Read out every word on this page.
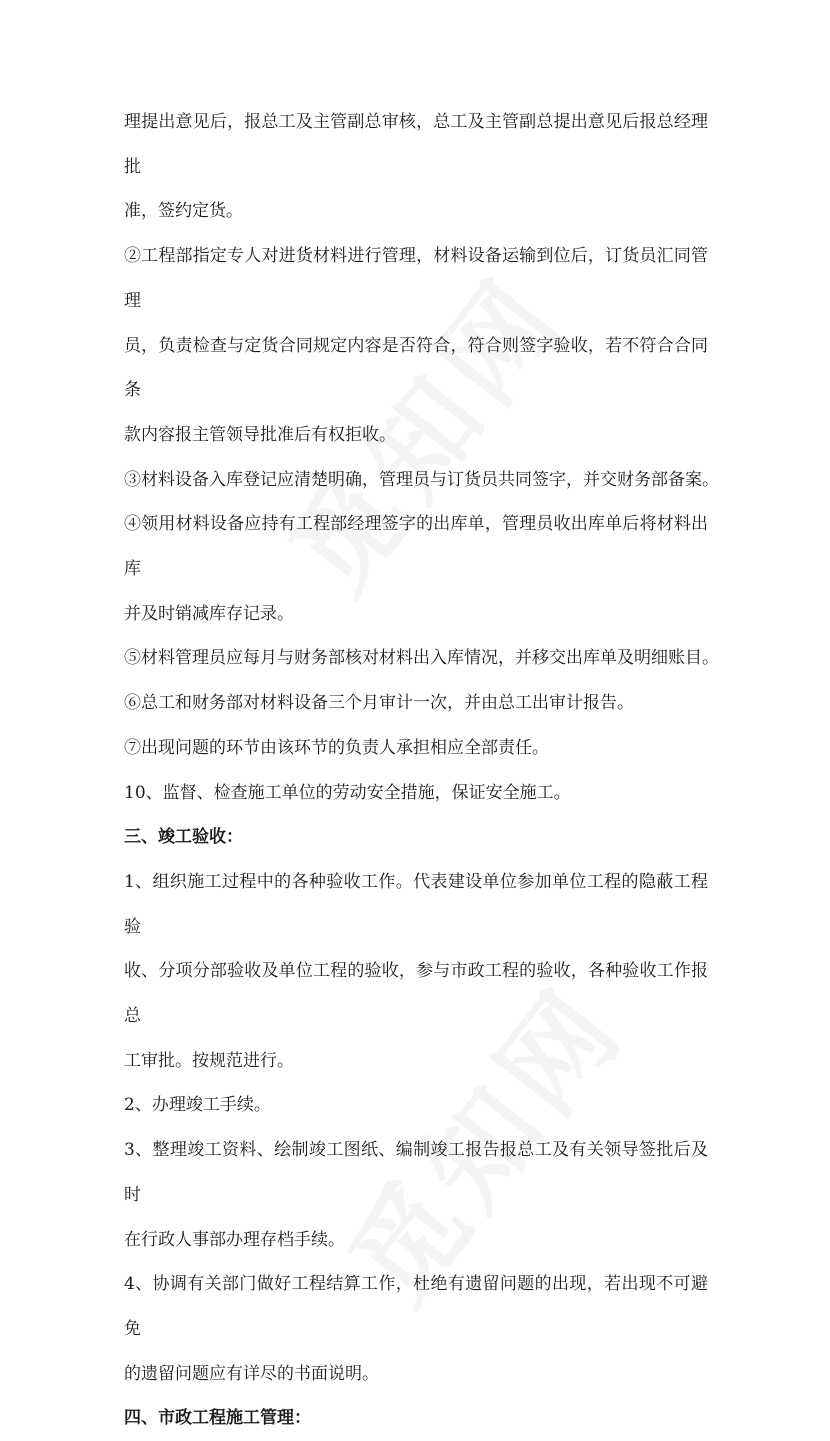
理提出意见后，报总工及主管副总审核，总工及主管副总提出意见后报总经理批
准，签约定货。
②工程部指定专人对进货材料进行管理，材料设备运输到位后，订货员汇同管理
员，负责检查与定货合同规定内容是否符合，符合则签字验收，若不符合合同条
款内容报主管领导批准后有权拒收。
③材料设备入库登记应清楚明确，管理员与订货员共同签字，并交财务部备案。
④领用材料设备应持有工程部经理签字的出库单，管理员收出库单后将材料出库
并及时销减库存记录。
⑤材料管理员应每月与财务部核对材料出入库情况，并移交出库单及明细账目。
⑥总工和财务部对材料设备三个月审计一次，并由总工出审计报告。
⑦出现问题的环节由该环节的负责人承担相应全部责任。
10、监督、检查施工单位的劳动安全措施，保证安全施工。
三、竣工验收：
1、组织施工过程中的各种验收工作。代表建设单位参加单位工程的隐蔽工程验
收、分项分部验收及单位工程的验收，参与市政工程的验收，各种验收工作报总
工审批。按规范进行。
2、办理竣工手续。
3、整理竣工资料、绘制竣工图纸、编制竣工报告报总工及有关领导签批后及时
在行政人事部办理存档手续。
4、协调有关部门做好工程结算工作，杜绝有遗留问题的出现，若出现不可避免
的遗留问题应有详尽的书面说明。
四、市政工程施工管理：
